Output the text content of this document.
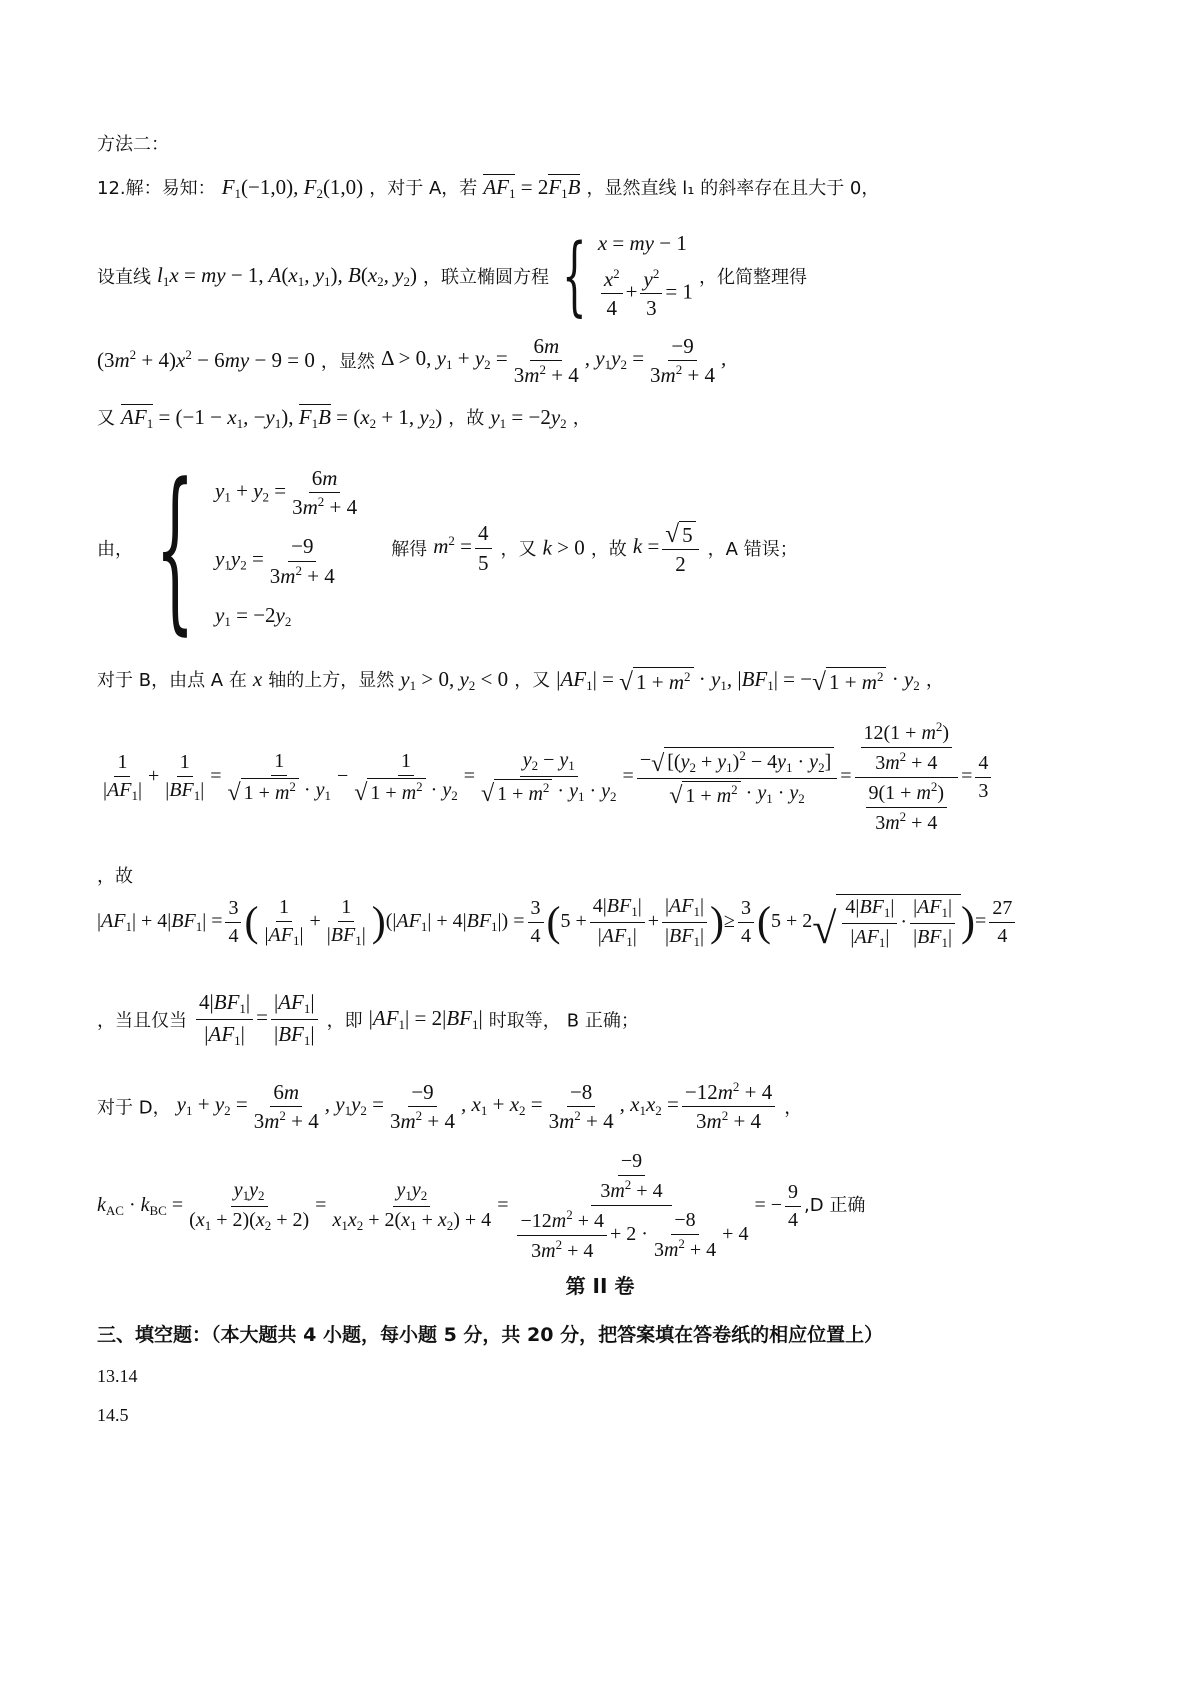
方法二：
12.解：易知： $F_1(-1,0)$, $F_2(1,0)$ ，对于 A，若 $AF_1 = 2F_1B$ ，显然直线 l₁ 的斜率存在且大于 0，
设直线 $l_1x$ = my − 1, $A(x_1$, $y_1$), $B(x_2$, $y_2$) ，联立椭圆方程 { x = my − 1
$\frac{x^2}{4} + \frac{y^2}{3} = 1$
，化简整理得
$(3m^2 + 4)x^2 - 6my - 9 = 0$ ，显然 Δ > 0, $y_1 + y_2 = \frac{6m}{3m^2 + 4}$ , $y_1y_2 = \frac{-9}{3m^2 + 4}$ ,
又 $AF_1 = (-1 - x_1$, $-y_1$), $F_1B = (x_2 + 1$, $y_2$) ，故 $y_1 = -2y_2$ ，
由， { $y_1 + y_2 = \frac{6m}{3m^2 + 4}$
$y_1y_2 = \frac{-9}{3m^2 + 4}$
$y_1 = -2y_2$
解得 $m^2 = \frac{4}{5}$ ，又 k > 0 ，故 $k = \frac{√ 5}{2}$ ，A 错误；
对于 B，由点 A 在 x 轴的上方，显然 $y_1 > 0$, $y_2 < 0$ ，又 $|AF_1|$ = √ $1 + m^2 \cdot y_1$, $|BF_1|$ = − √ $1 + m^2 \cdot y_2$ ，
$\frac{1}{|AF_1|} + \frac{1}{|BF_1|} = \frac{1}{√ 1 + m^2 \cdot y_1} - \frac{1}{√ 1 + m^2 \cdot y_2} = \frac{y_2 - y_1}{√ 1 + m^2 \cdot y_1 \cdot y_2} = \frac{- √ [(y_2 + y_1)^2 - 4y_1 \cdot y_2]}{√ 1 + m^2 \cdot y_1 \cdot y_2} = \frac{\frac{12(1 + m^2)}{3m^2 + 4}}{\frac{9(1 + m^2)}{3m^2 + 4}} = \frac{4}{3}$
，故
$|AF_1| + 4|BF_1| = \frac{3}{4}$ ( $\frac{1}{|AF_1|} + \frac{1}{|BF_1|} )(|AF_1| + 4|BF_1|) = \frac{3}{4} (5 + \frac{4|BF_1|}{|AF_1|} + \frac{|AF_1|}{|BF_1|}$ )≥ $\frac{3}{4} (5 + 2$ √ $\frac{4|BF_1|}{|AF_1|} \cdot \frac{|AF_1|}{|BF_1|}$ )= $\frac{27}{4}$
，当且仅当 $\frac{4|BF_1|}{|AF_1|} = \frac{|AF_1|}{|BF_1|}$ ，即 $|AF_1| = 2|BF_1|$ 时取等， B 正确；
对于 D， $y_1 + y_2 = \frac{6m}{3m^2 + 4}$ , $y_1y_2 = \frac{-9}{3m^2 + 4}$ , $x_1 + x_2 = \frac{-8}{3m^2 + 4}$ , $x_1x_2 = \frac{-12m^2 + 4}{3m^2 + 4}$ ，
$k_{AC} \cdot k_{BC} = \frac{y_1y_2}{(x_1 + 2)(x_2 + 2)} = \frac{y_1y_2}{x_1x_2 + 2(x_1 + x_2) + 4} = \frac{\frac{-9}{3m^2 + 4}}{\frac{-12m^2 + 4}{3m^2 + 4} + 2 \cdot \frac{-8}{3m^2 + 4} + 4}$ = − $\frac{9}{4} ,D$ 正确
第 II 卷
三、填空题：（本大题共 4 小题，每小题 5 分，共 20 分，把答案填在答卷纸的相应位置上）
13.14
14.5
